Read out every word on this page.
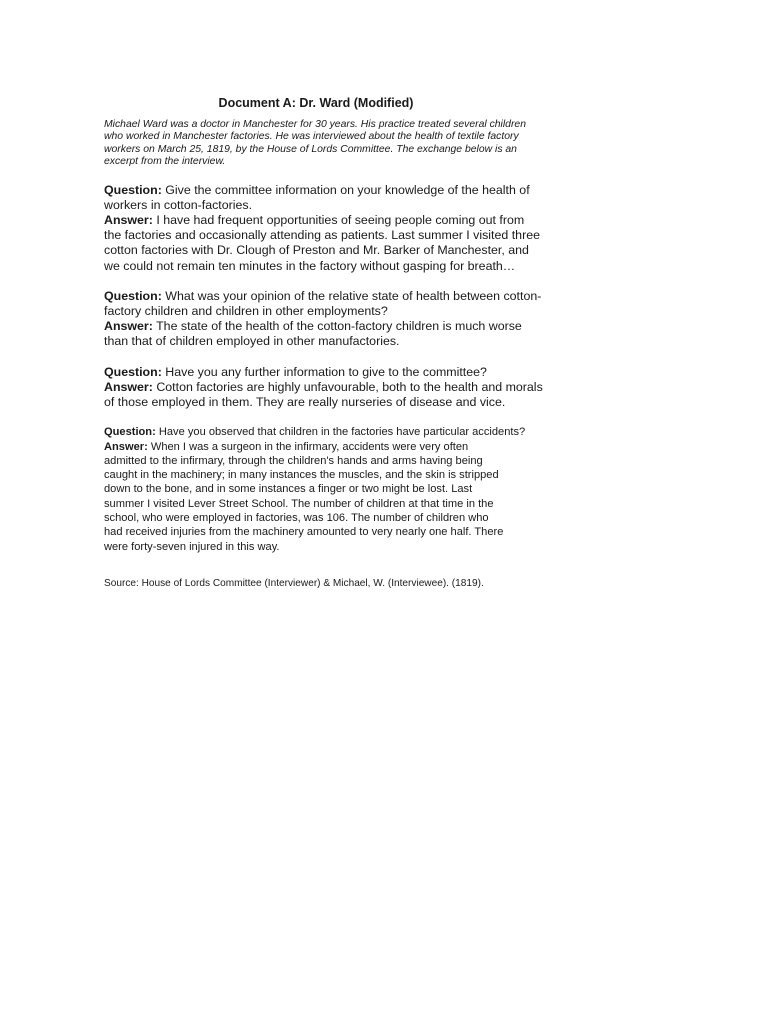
Document A: Dr. Ward (Modified)

Michael Ward was a doctor in Manchester for 30 years. His practice treated several children who worked in Manchester factories. He was interviewed about the health of textile factory workers on March 25, 1819, by the House of Lords Committee. The exchange below is an excerpt from the interview.

Question: Give the committee information on your knowledge of the health of workers in cotton-factories.

Answer: I have had frequent opportunities of seeing people coming out from the factories and occasionally attending as patients. Last summer I visited three cotton factories with Dr. Clough of Preston and Mr. Barker of Manchester, and we could not remain ten minutes in the factory without gasping for breath…

Question: What was your opinion of the relative state of health between cotton-factory children and children in other employments?

Answer: The state of the health of the cotton-factory children is much worse than that of children employed in other manufactories.

Question: Have you any further information to give to the committee?

Answer: Cotton factories are highly unfavourable, both to the health and morals of those employed in them. They are really nurseries of disease and vice.

Question: Have you observed that children in the factories have particular accidents?

Answer: When I was a surgeon in the infirmary, accidents were very often admitted to the infirmary, through the children's hands and arms having being caught in the machinery; in many instances the muscles, and the skin is stripped down to the bone, and in some instances a finger or two might be lost. Last summer I visited Lever Street School. The number of children at that time in the school, who were employed in factories, was 106. The number of children who had received injuries from the machinery amounted to very nearly one half. There were forty-seven injured in this way.

Source: House of Lords Committee (Interviewer) & Michael, W. (Interviewee). (1819).
